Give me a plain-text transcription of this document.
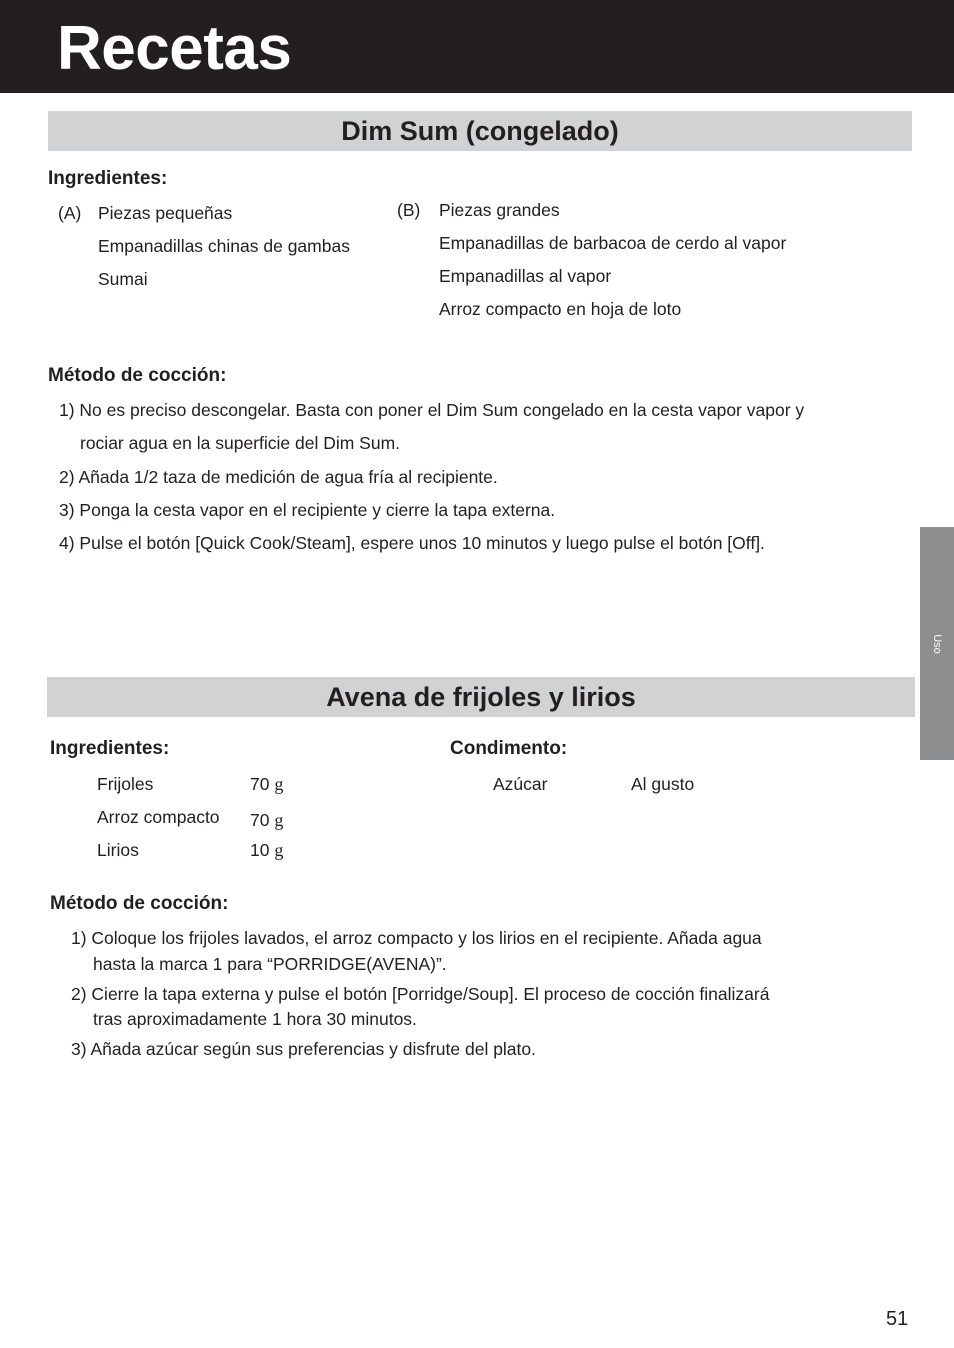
Recetas
Dim Sum (congelado)
Ingredientes:
(A) Piezas pequeñas
Empanadillas chinas de gambas
Sumai
(B) Piezas grandes
Empanadillas de barbacoa de cerdo al vapor
Empanadillas al vapor
Arroz compacto en hoja de loto
Método de cocción:
1) No es preciso descongelar. Basta con poner el Dim Sum congelado en la cesta vapor vapor y
rociar agua en la superficie del Dim Sum.
2) Añada 1/2 taza de medición de agua fría al recipiente.
3) Ponga la cesta vapor en el recipiente y cierre la tapa externa.
4) Pulse el botón [Quick Cook/Steam], espere unos 10 minutos y luego pulse el botón [Off].
Uso
Avena de frijoles y lirios
Ingredientes:	Condimento:
Frijoles	70 g
Arroz compacto 70 g
Lirios	10 g
Azúcar	Al gusto
Método de cocción:
1) Coloque los frijoles lavados, el arroz compacto y los lirios en el recipiente. Añada agua
hasta la marca 1 para “PORRIDGE(AVENA)”.
2) Cierre la tapa externa y pulse el botón [Porridge/Soup]. El proceso de cocción finalizará
tras aproximadamente 1 hora 30 minutos.
3) Añada azúcar según sus preferencias y disfrute del plato.
51
